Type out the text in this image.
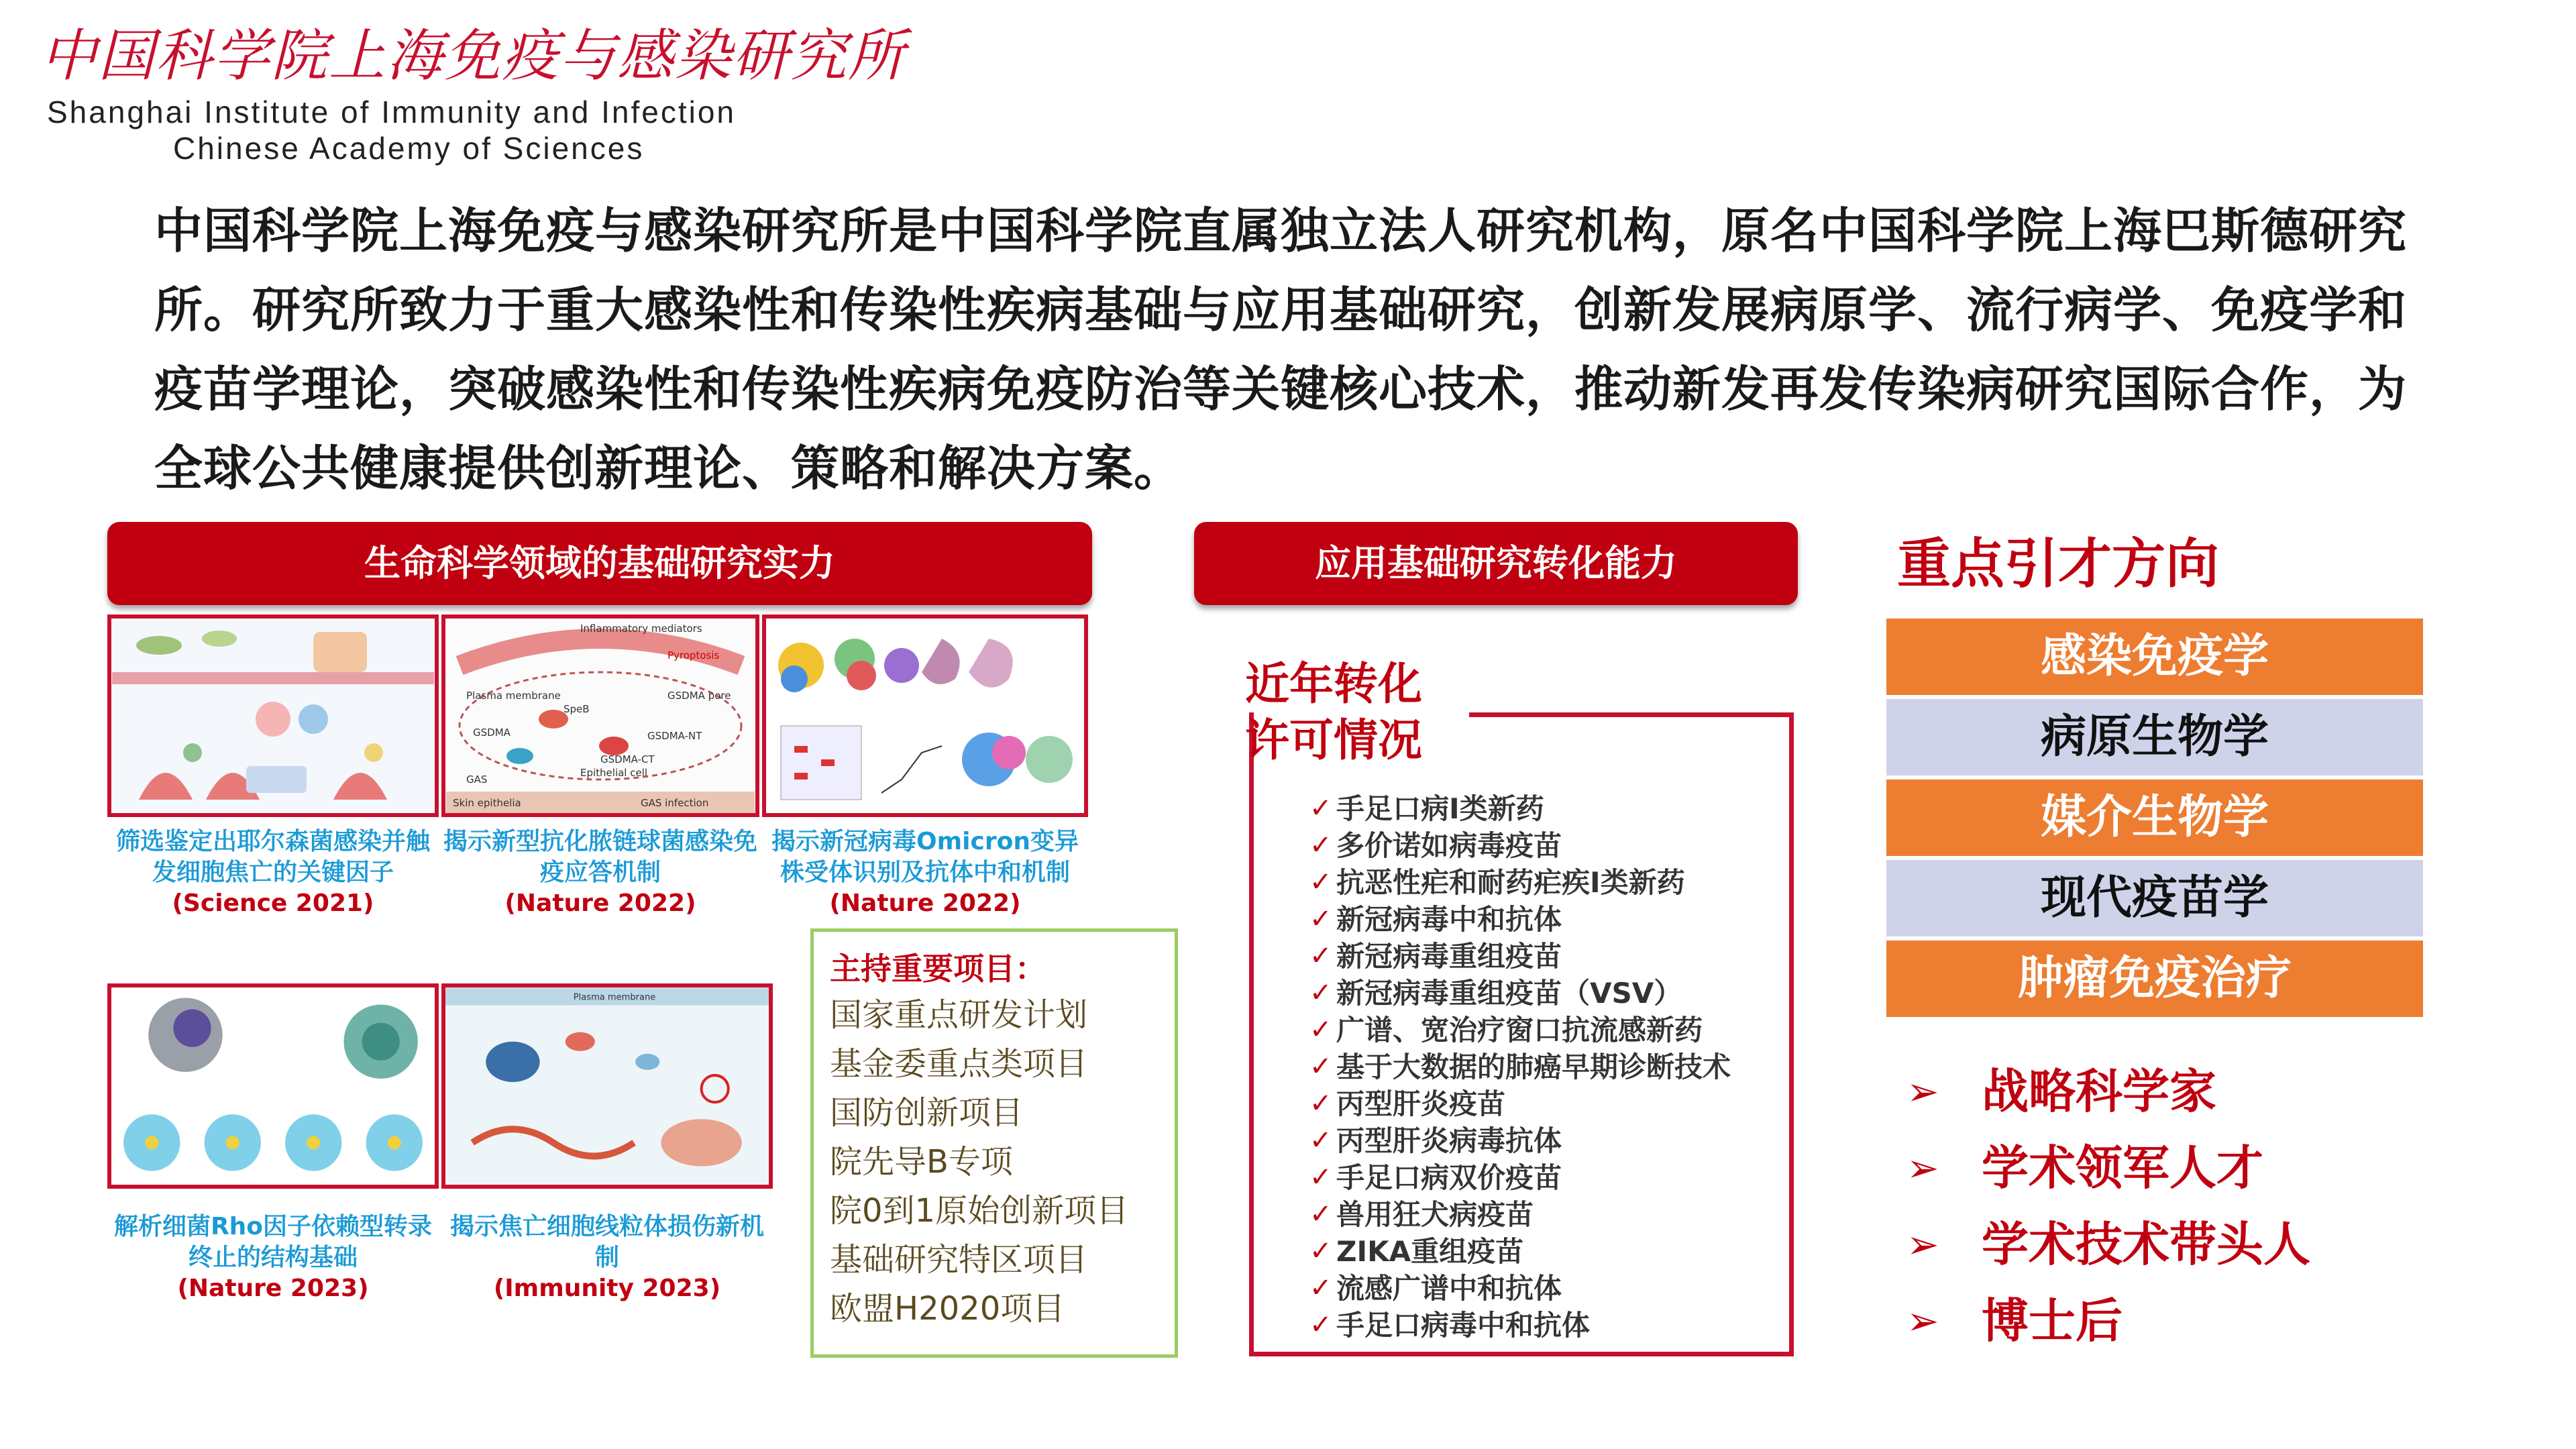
中国科学院上海免疫与感染研究所
Shanghai Institute of Immunity and Infection
Chinese Academy of Sciences
中国科学院上海免疫与感染研究所是中国科学院直属独立法人研究机构，原名中国科学院上海巴斯德研究所。研究所致力于重大感染性和传染性疾病基础与应用基础研究，创新发展病原学、流行病学、免疫学和疫苗学理论，突破感染性和传染性疾病免疫防治等关键核心技术，推动新发再发传染病研究国际合作，为全球公共健康提供创新理论、策略和解决方案。
生命科学领域的基础研究实力	应用基础研究转化能力	重点引才方向
筛选鉴定出耶尔森菌感染并触发细胞焦亡的关键因子
(Science 2021)
Inflammatory mediators
Pyroptosis
Plasma membrane	GSDMA pore
SpeB
GSDMA	GSDMA-NT
GSDMA-CT
Epithelial cell
GAS
Skin epithelia	GAS infection
揭示新型抗化脓链球菌感染免疫应答机制
(Nature 2022)
揭示新冠病毒Omicron变异株受体识别及抗体中和机制
(Nature 2022)
解析细菌Rho因子依赖型转录终止的结构基础
(Nature 2023)
Plasma membrane
揭示焦亡细胞线粒体损伤新机制
(Immunity 2023)
主持重要项目：
国家重点研发计划
基金委重点类项目
国防创新项目
院先导B专项
院0到1原始创新项目
基础研究特区项目
欧盟H2020项目
近年转化
许可情况
✓ 手足口病Ⅰ类新药
✓ 多价诺如病毒疫苗
✓ 抗恶性疟和耐药疟疾Ⅰ类新药
✓ 新冠病毒中和抗体
✓ 新冠病毒重组疫苗
✓ 新冠病毒重组疫苗（VSV）
✓ 广谱、宽治疗窗口抗流感新药
✓ 基于大数据的肺癌早期诊断技术
✓ 丙型肝炎疫苗
✓ 丙型肝炎病毒抗体
✓ 手足口病双价疫苗
✓ 兽用狂犬病疫苗
✓ ZIKA重组疫苗
✓ 流感广谱中和抗体
✓ 手足口病毒中和抗体
感染免疫学
病原生物学
媒介生物学
现代疫苗学
肿瘤免疫治疗
➢ 战略科学家
➢ 学术领军人才
➢ 学术技术带头人
➢ 博士后
